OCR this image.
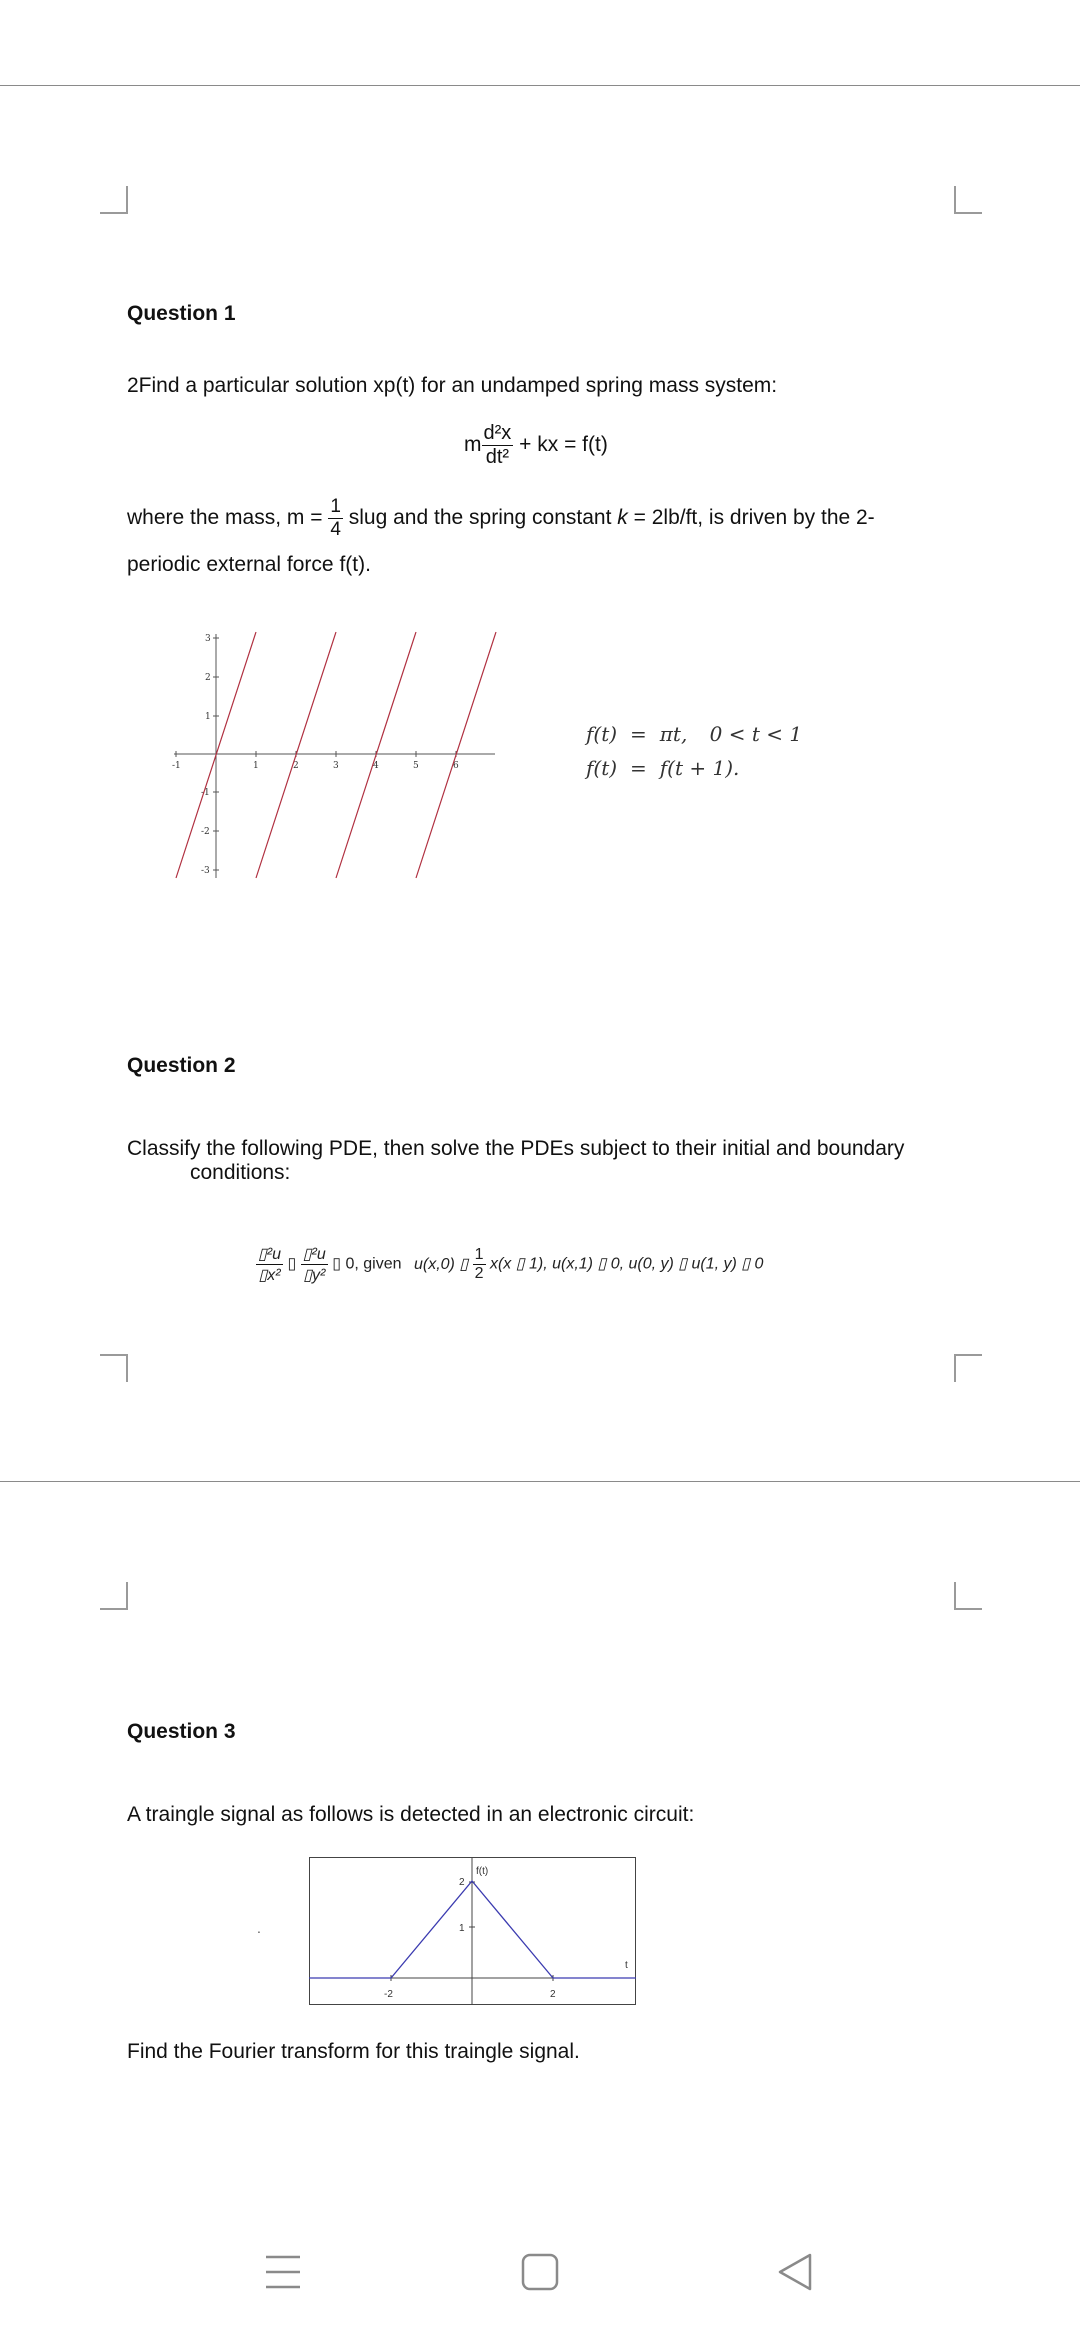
Question 1
2Find a particular solution xp(t) for an undamped spring mass system:
m $\frac{\text{d²x}}{\text{dt²}}$ + kx = f(t)
where the mass, $m = \frac{1}{4}$ slug and the spring constant k = 2lb/ft, is driven by the 2-
periodic external force f(t).
-1	1	2	3	4	5	6
3
2
1
-1
-2
-3
f(t) = πt, 0 < t < 1
f(t) = f(t + 1).
Question 2
Classify the following PDE, then solve the PDEs subject to their initial and boundary
conditions:
$\frac{\text{▯²u}}{\text{▯x²}}$ ▯ $\frac{\text{▯²u}}{\text{▯y²}}$ ▯ 0, given u(x,0) ▯ $\frac{1}{2} x(x$ ▯ 1), u(x,1) ▯ 0, u(0, y) ▯ u(1, y) ▯ 0
Question 3
A traingle signal as follows is detected in an electronic circuit:
.
f(t)
t
-2	2
2
1
Find the Fourier transform for this traingle signal.
